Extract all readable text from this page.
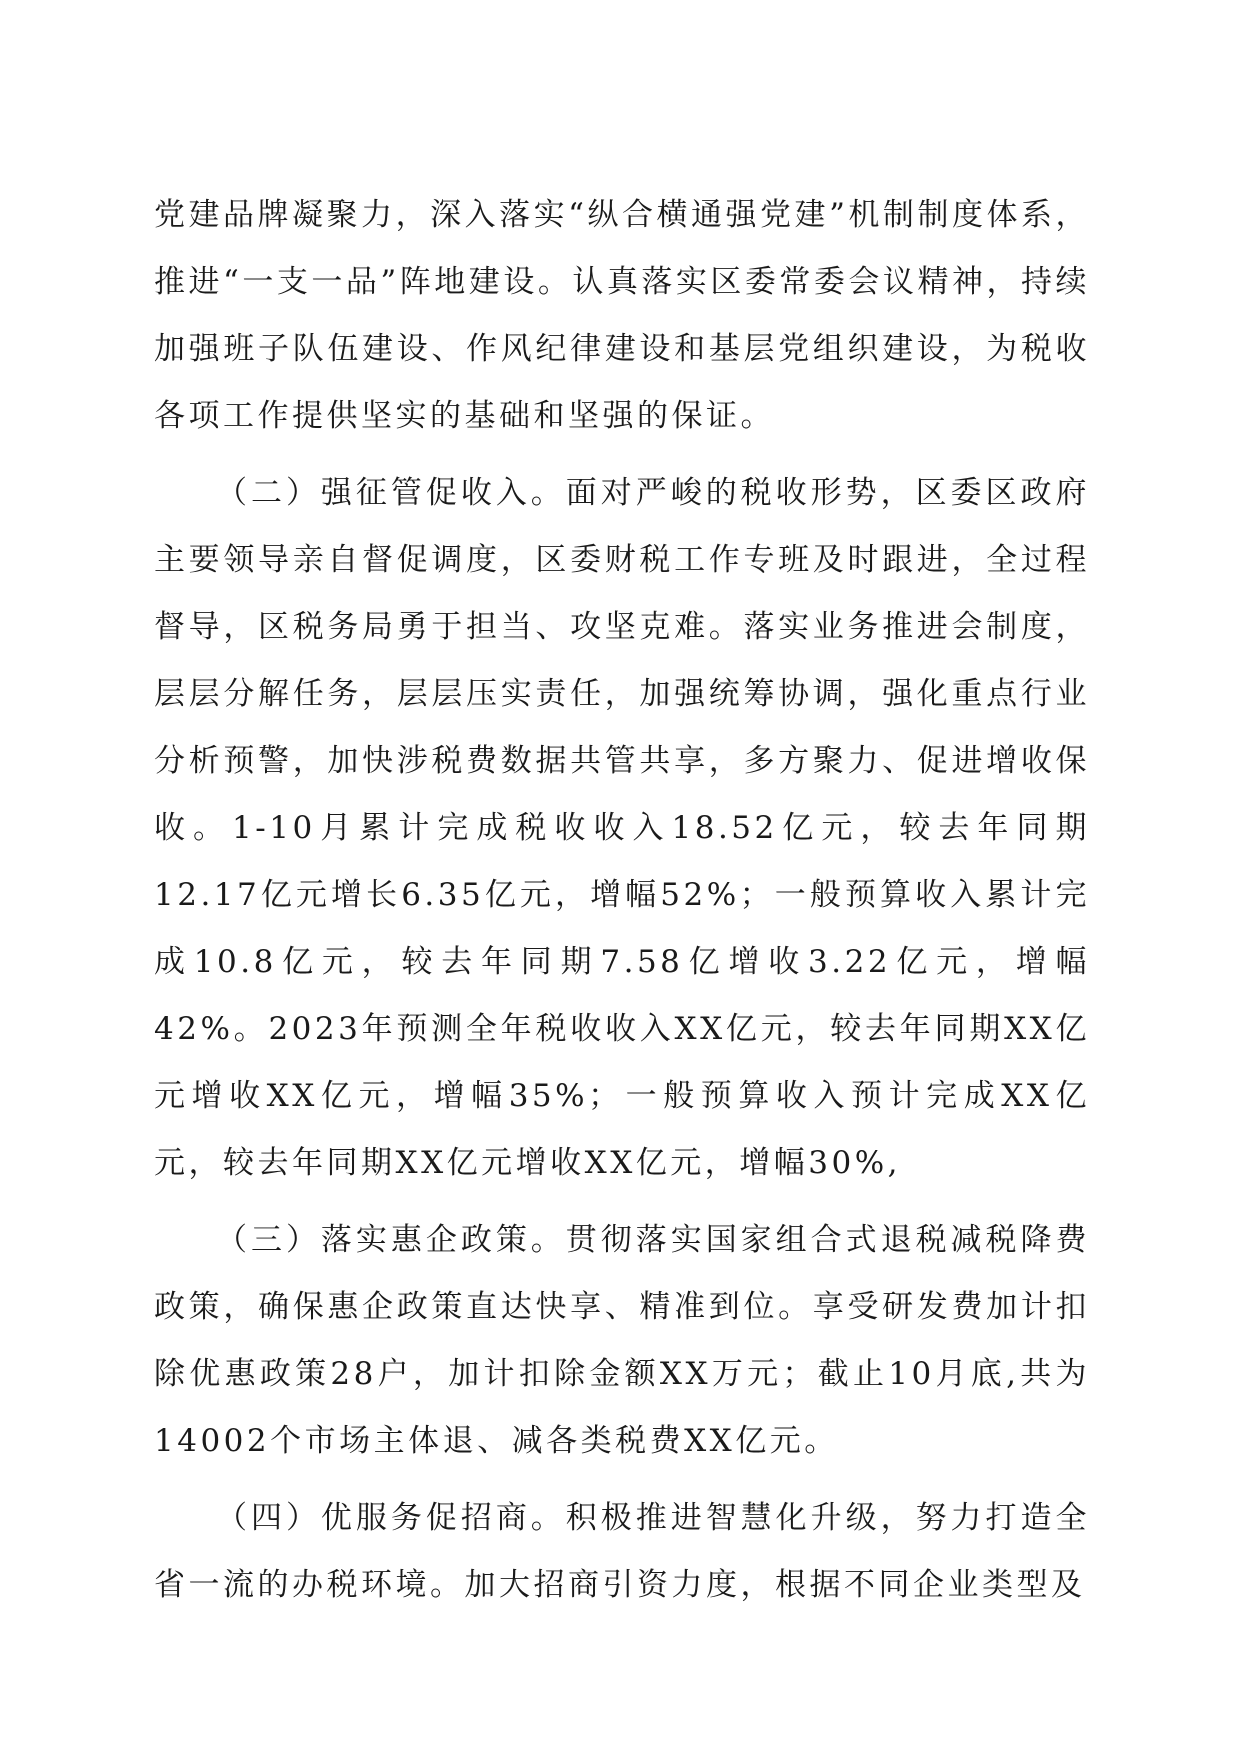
党建品牌凝聚力，深入落实“纵合横通强党建”机制制度体系，推进“一支一品”阵地建设。认真落实区委常委会议精神，持续加强班子队伍建设、作风纪律建设和基层党组织建设，为税收各项工作提供坚实的基础和坚强的保证。

（二）强征管促收入。面对严峻的税收形势，区委区政府主要领导亲自督促调度，区委财税工作专班及时跟进，全过程督导，区税务局勇于担当、攻坚克难。落实业务推进会制度，层层分解任务，层层压实责任，加强统筹协调，强化重点行业分析预警，加快涉税费数据共管共享，多方聚力、促进增收保收。1-10月累计完成税收收入18.52亿元，较去年同期12.17亿元增长6.35亿元，增幅52%；一般预算收入累计完成10.8亿元，较去年同期7.58亿增收3.22亿元，增幅42%。2023年预测全年税收收入XX亿元，较去年同期XX亿元增收XX亿元，增幅35%；一般预算收入预计完成XX亿元，较去年同期XX亿元增收XX亿元，增幅30%,

（三）落实惠企政策。贯彻落实国家组合式退税减税降费政策，确保惠企政策直达快享、精准到位。享受研发费加计扣除优惠政策28户，加计扣除金额XX万元；截止10月底,共为14002个市场主体退、减各类税费XX亿元。

（四）优服务促招商。积极推进智慧化升级，努力打造全省一流的办税环境。加大招商引资力度，根据不同企业类型及
